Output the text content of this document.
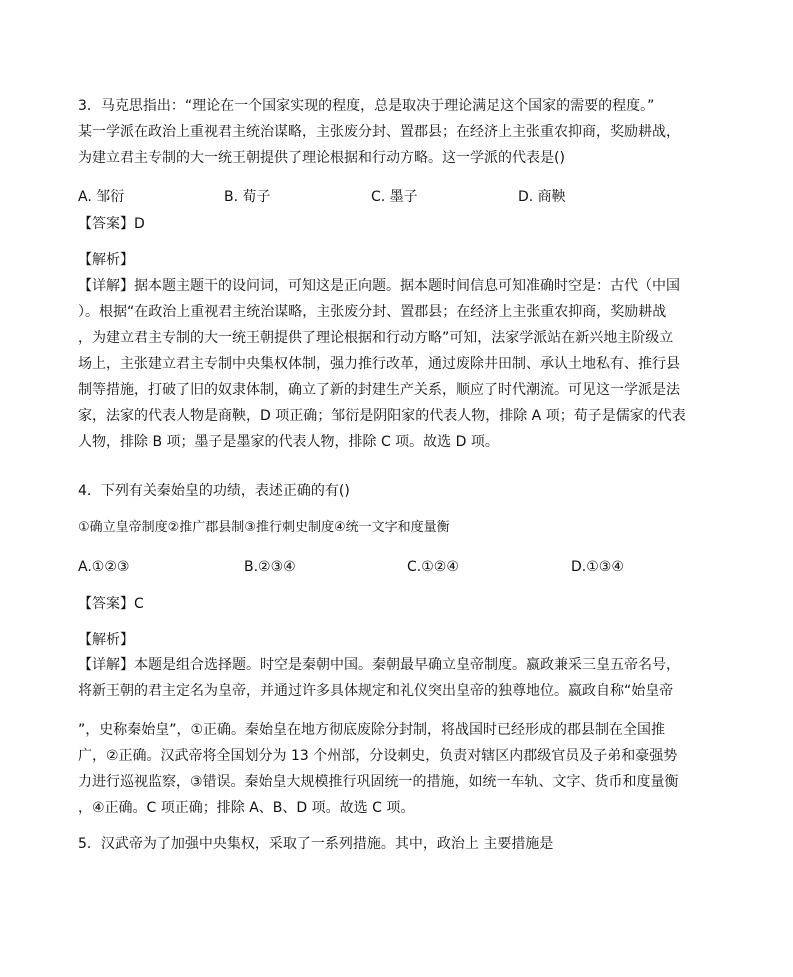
3．马克思指出：“理论在一个国家实现的程度，总是取决于理论满足这个国家的需要的程度。”
某一学派在政治上重视君主统治谋略，主张废分封、置郡县；在经济上主张重农抑商，奖励耕战，
为建立君主专制的大一统王朝提供了理论根据和行动方略。这一学派的代表是()
A. 邹衍	B. 荀子	C. 墨子	D. 商鞅
【答案】D
【解析】
【详解】据本题主题干的设问词，可知这是正向题。据本题时间信息可知准确时空是：古代（中国
）。根据“在政治上重视君主统治谋略，主张废分封、置郡县；在经济上主张重农抑商，奖励耕战
，为建立君主专制的大一统王朝提供了理论根据和行动方略”可知，法家学派站在新兴地主阶级立
场上，主张建立君主专制中央集权体制，强力推行改革，通过废除井田制、承认土地私有、推行县
制等措施，打破了旧的奴隶体制，确立了新的封建生产关系，顺应了时代潮流。可见这一学派是法
家，法家的代表人物是商鞅，D 项正确；邹衍是阴阳家的代表人物，排除 A 项；荀子是儒家的代表
人物，排除 B 项；墨子是墨家的代表人物，排除 C 项。故选 D 项。
4．下列有关秦始皇的功绩，表述正确的有()
①确立皇帝制度②推广郡县制③推行刺史制度④统一文字和度量衡
A.①②③	B.②③④	C.①②④	D.①③④
【答案】C
【解析】
【详解】本题是组合选择题。时空是秦朝中国。秦朝最早确立皇帝制度。嬴政兼采三皇五帝名号，
将新王朝的君主定名为皇帝，并通过许多具体规定和礼仪突出皇帝的独尊地位。嬴政自称“始皇帝
”，史称秦始皇”，①正确。秦始皇在地方彻底废除分封制，将战国时已经形成的郡县制在全国推
广，②正确。汉武帝将全国划分为 13 个州部，分设刺史，负责对辖区内郡级官员及子弟和豪强势
力进行巡视监察，③错误。秦始皇大规模推行巩固统一的措施，如统一车轨、文字、货币和度量衡
，④正确。C 项正确；排除 A、B、D 项。故选 C 项。
5．汉武帝为了加强中央集权，采取了一系列措施。其中，政治上 主要措施是
